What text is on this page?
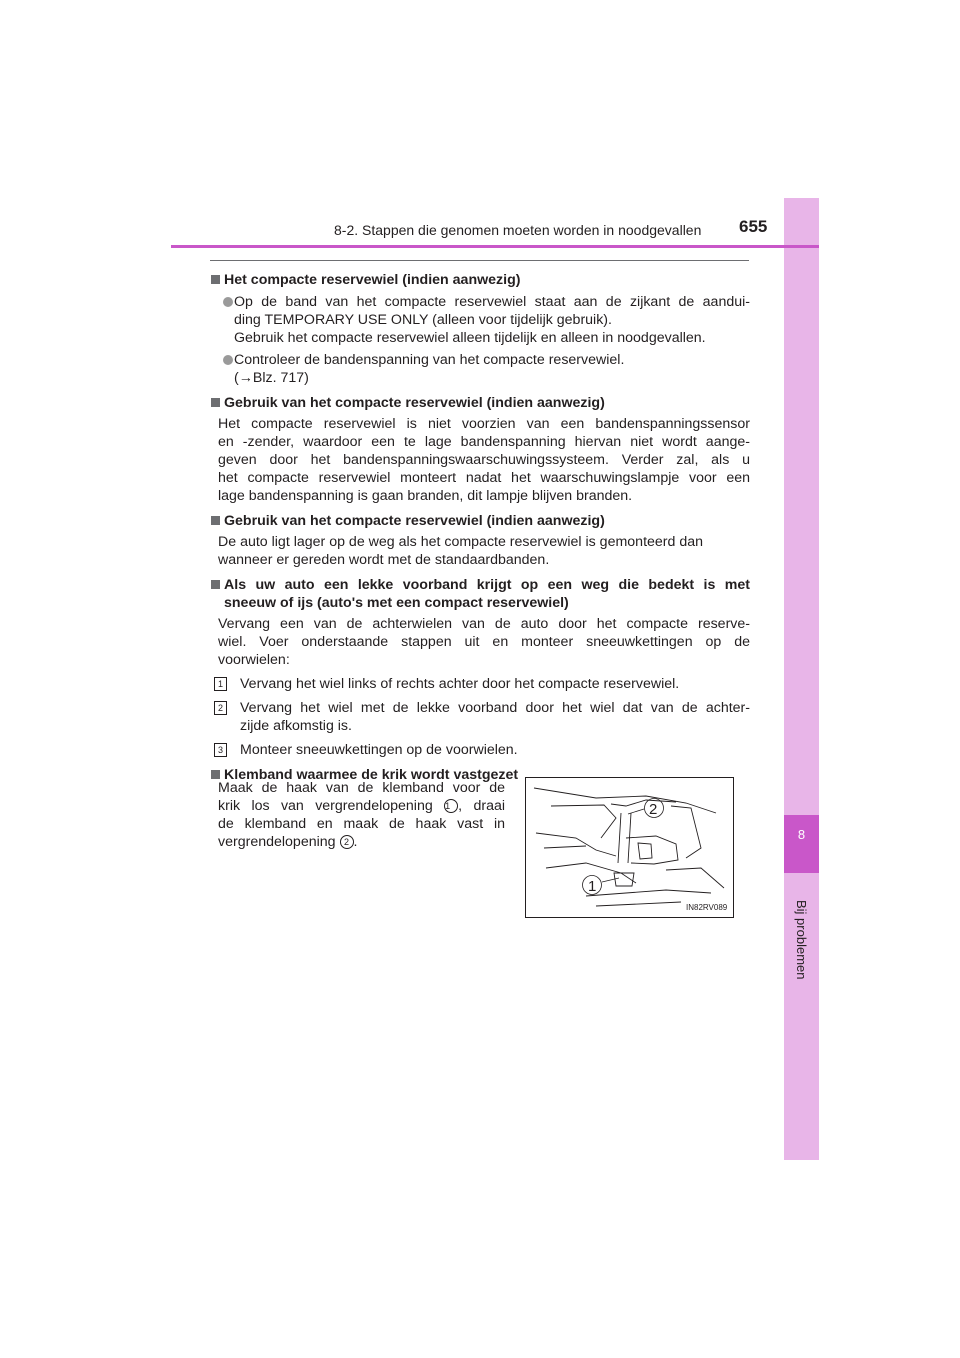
8
Bij problemen
8-2. Stappen die genomen moeten worden in noodgevallen 655
Het compacte reservewiel (indien aanwezig)
Op de band van het compacte reservewiel staat aan de zijkant de aandui-
ding TEMPORARY USE ONLY (alleen voor tijdelijk gebruik).
Gebruik het compacte reservewiel alleen tijdelijk en alleen in noodgevallen.
Controleer de bandenspanning van het compacte reservewiel.
(→Blz. 717)
Gebruik van het compacte reservewiel (indien aanwezig)
Het compacte reservewiel is niet voorzien van een bandenspanningssensor
en -zender, waardoor een te lage bandenspanning hiervan niet wordt aange-
geven door het bandenspanningswaarschuwingssysteem. Verder zal, als u
het compacte reservewiel monteert nadat het waarschuwingslampje voor een
lage bandenspanning is gaan branden, dit lampje blijven branden.
Gebruik van het compacte reservewiel (indien aanwezig)
De auto ligt lager op de weg als het compacte reservewiel is gemonteerd dan
wanneer er gereden wordt met de standaardbanden.
Als uw auto een lekke voorband krijgt op een weg die bedekt is met
sneeuw of ijs (auto's met een compact reservewiel)
Vervang een van de achterwielen van de auto door het compacte reserve-
wiel. Voer onderstaande stappen uit en monteer sneeuwkettingen op de
voorwielen:
1 Vervang het wiel links of rechts achter door het compacte reservewiel.
2 Vervang het wiel met de lekke voorband door het wiel dat van de achter-
zijde afkomstig is.
3 Monteer sneeuwkettingen op de voorwielen.
Klemband waarmee de krik wordt vastgezet
Maak de haak van de klemband voor de
krik los van vergrendelopening 1 , draai
de klemband en maak de haak vast in
vergrendelopening 2 .
2
1
IN82RV089
